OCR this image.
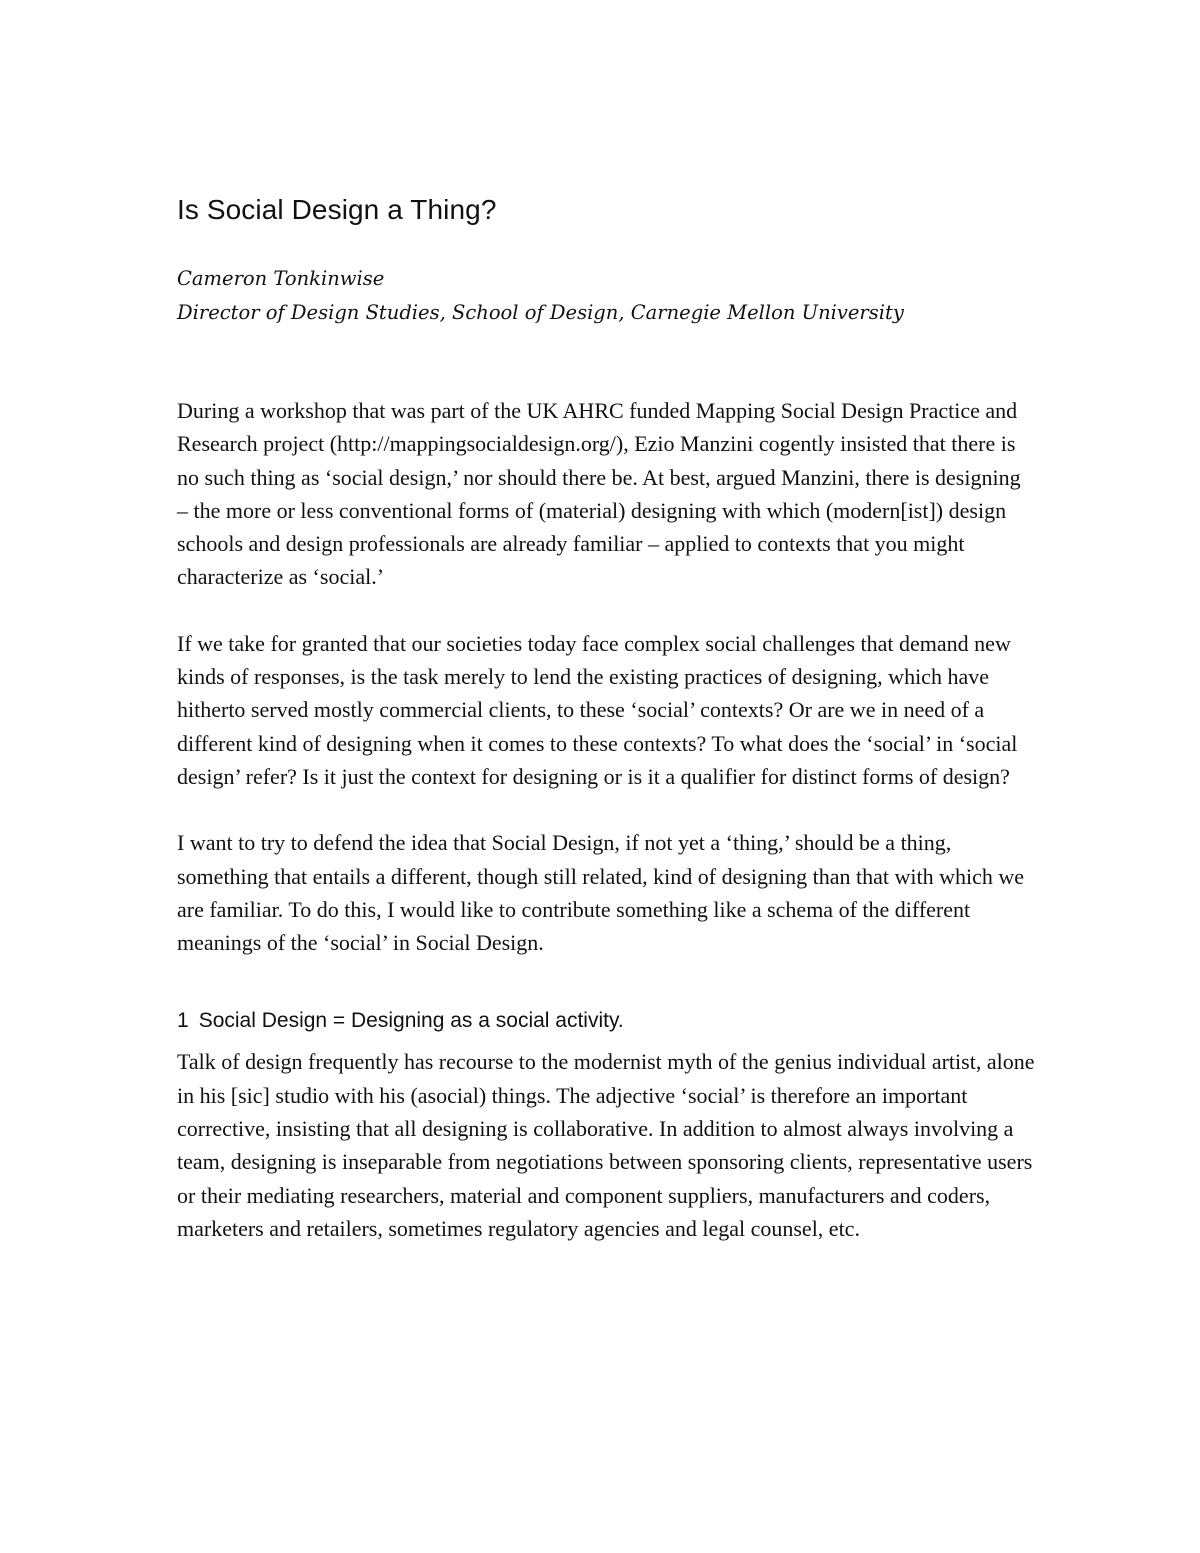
Is Social Design a Thing?
Cameron Tonkinwise
Director of Design Studies, School of Design, Carnegie Mellon University

During a workshop that was part of the UK AHRC funded Mapping Social Design Practice and Research project (http://mappingsocialdesign.org/), Ezio Manzini cogently insisted that there is no such thing as ‘social design,’ nor should there be. At best, argued Manzini, there is designing – the more or less conventional forms of (material) designing with which (modern[ist]) design schools and design professionals are already familiar – applied to contexts that you might characterize as ‘social.’

If we take for granted that our societies today face complex social challenges that demand new kinds of responses, is the task merely to lend the existing practices of designing, which have hitherto served mostly commercial clients, to these ‘social’ contexts? Or are we in need of a different kind of designing when it comes to these contexts? To what does the ‘social’ in ‘social design’ refer? Is it just the context for designing or is it a qualifier for distinct forms of design?

I want to try to defend the idea that Social Design, if not yet a ‘thing,’ should be a thing, something that entails a different, though still related, kind of designing than that with which we are familiar. To do this, I would like to contribute something like a schema of the different meanings of the ‘social’ in Social Design.

1 Social Design = Designing as a social activity.

Talk of design frequently has recourse to the modernist myth of the genius individual artist, alone in his [sic] studio with his (asocial) things. The adjective ‘social’ is therefore an important corrective, insisting that all designing is collaborative. In addition to almost always involving a team, designing is inseparable from negotiations between sponsoring clients, representative users or their mediating researchers, material and component suppliers, manufacturers and coders, marketers and retailers, sometimes regulatory agencies and legal counsel, etc.
